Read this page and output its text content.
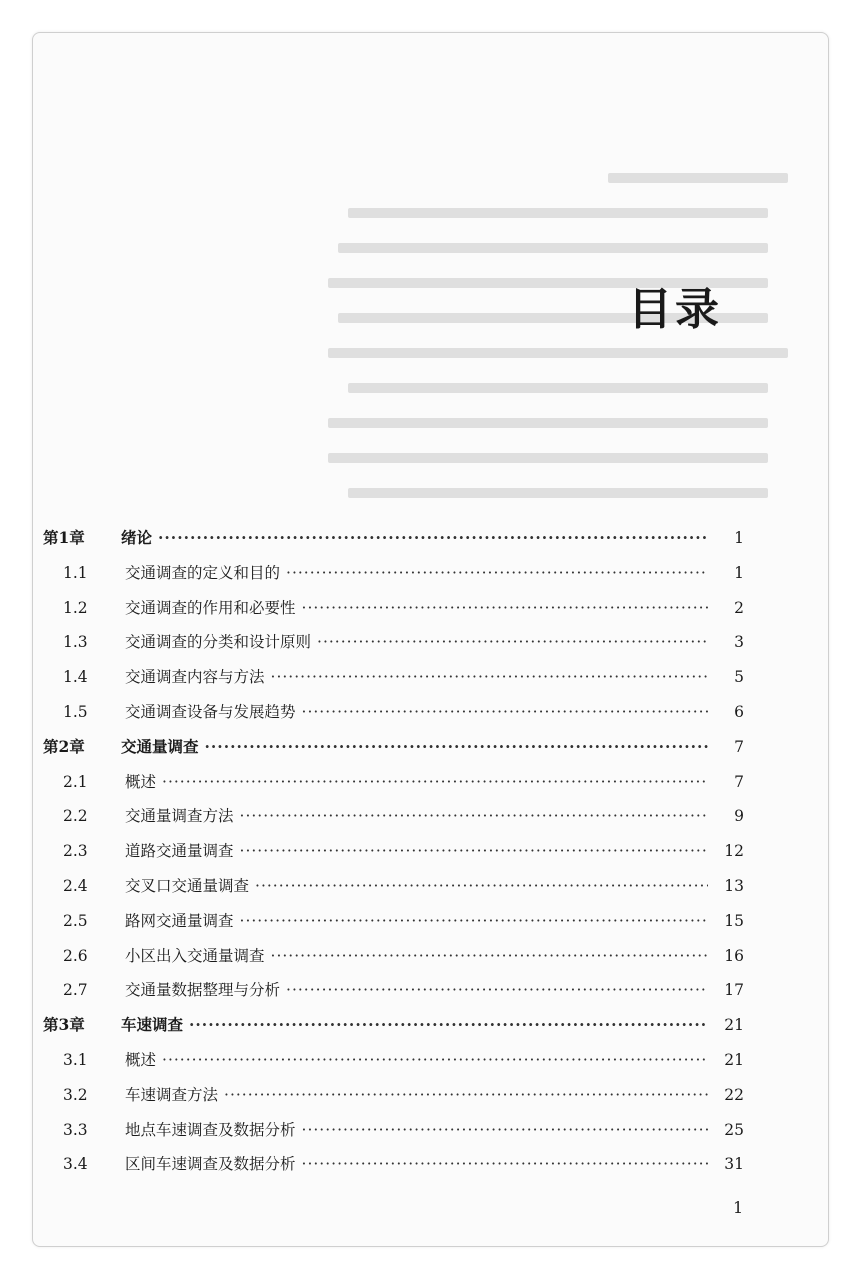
目录
第1章	绪论 ·····	1
1.1	交通调查的定义和目的 ·····	1
1.2	交通调查的作用和必要性 ·····	2
1.3	交通调查的分类和设计原则 ·····	3
1.4	交通调查内容与方法 ·····	5
1.5	交通调查设备与发展趋势 ·····	6
第2章	交通量调查 ·····	7
2.1	概述 ·····	7
2.2	交通量调查方法 ·····	9
2.3	道路交通量调查 ·····	12
2.4	交叉口交通量调查 ·····	13
2.5	路网交通量调查 ·····	15
2.6	小区出入交通量调查 ·····	16
2.7	交通量数据整理与分析 ·····	17
第3章	车速调查 ·····	21
3.1	概述 ·····	21
3.2	车速调查方法 ·····	22
3.3	地点车速调查及数据分析 ·····	25
3.4	区间车速调查及数据分析 ·····	31
1
